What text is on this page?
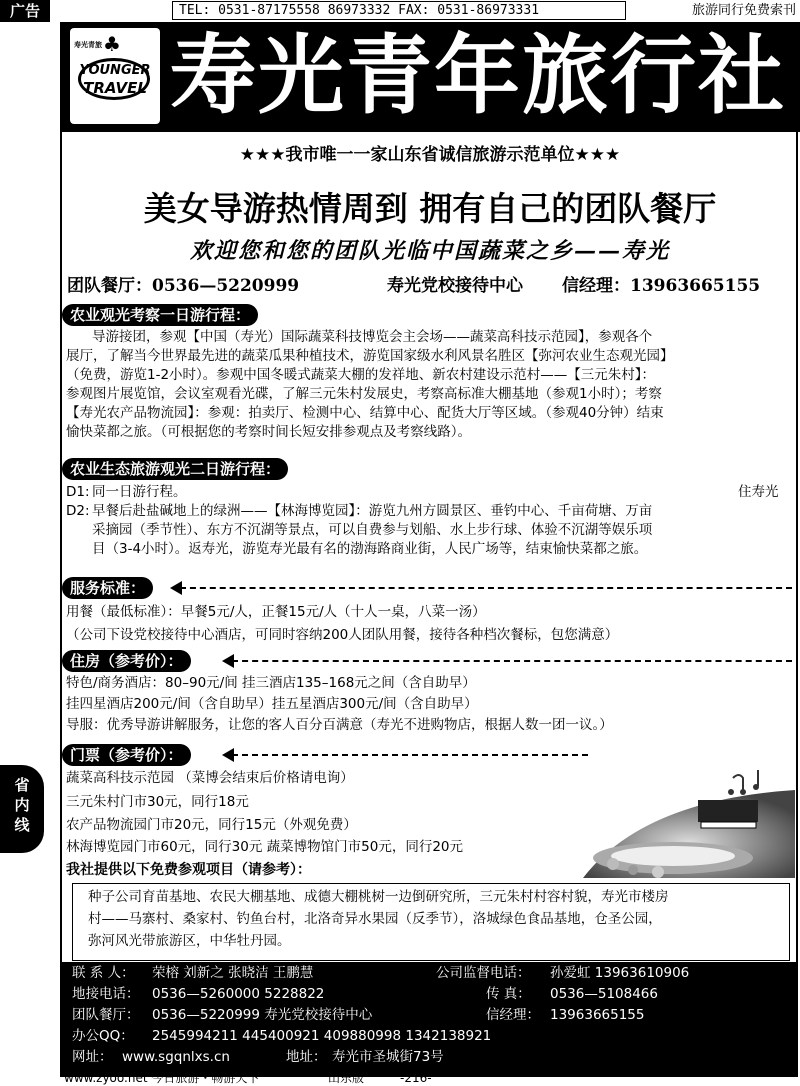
广告	TEL: 0531-87175558 86973332 FAX: 0531-86973331	旅游同行免费索刊
♣
寿光青旅
YOUNGER
TRAVEL 寿光青年旅行社
★★★我市唯一一家山东省诚信旅游示范单位★★★
美女导游热情周到 拥有自己的团队餐厅
欢迎您和您的团队光临中国蔬菜之乡——寿光
团队餐厅：0536—5220999	寿光党校接待中心 信经理：13963665155
农业观光考察一日游行程：
导游接团，参观【中国（寿光）国际蔬菜科技博览会主会场——蔬菜高科技示范园】，参观各个
展厅，了解当今世界最先进的蔬菜瓜果种植技术，游览国家级水利风景名胜区【弥河农业生态观光园】
（免费，游览1-2小时）。参观中国冬暖式蔬菜大棚的发祥地、新农村建设示范村——【三元朱村】：
参观图片展览馆，会议室观看光碟，了解三元朱村发展史，考察高标准大棚基地（参观1小时）；考察
【寿光农产品物流园】：参观：拍卖厅、检测中心、结算中心、配货大厅等区域。（参观40分钟）结束
愉快菜都之旅。（可根据您的考察时间长短安排参观点及考察线路）。
农业生态旅游观光二日游行程：
D1: 同一日游行程。	住寿光
D2: 早餐后赴盐碱地上的绿洲——【林海博览园】：游览九州方圆景区、垂钓中心、千亩荷塘、万亩
采摘园（季节性）、东方不沉湖等景点，可以自费参与划船、水上步行球、体验不沉湖等娱乐项
目（3-4小时）。返寿光，游览寿光最有名的渤海路商业街，人民广场等，结束愉快菜都之旅。
服务标准：
用餐（最低标准）：早餐5元/人，正餐15元/人（十人一桌，八菜一汤）
（公司下设党校接待中心酒店，可同时容纳200人团队用餐，接待各种档次餐标，包您满意）
住房（参考价）：
特色/商务酒店：80–90元/间 挂三酒店135–168元之间（含自助早）
挂四星酒店200元/间（含自助早）挂五星酒店300元/间（含自助早）
导服：优秀导游讲解服务，让您的客人百分百满意（寿光不进购物店，根据人数一团一议。）
门票（参考价）：
蔬菜高科技示范园 （菜博会结束后价格请电询）
三元朱村门市30元，同行18元
农产品物流园门市20元，同行15元（外观免费）
林海博览园门市60元，同行30元 蔬菜博物馆门市50元，同行20元
省
内
线
我社提供以下免费参观项目（请参考）：
种子公司育苗基地、农民大棚基地、成德大棚桃树一边倒研究所，三元朱村村容村貌，寿光市楼房
村——马寨村、桑家村、钓鱼台村，北洛奇异水果园（反季节），洛城绿色食品基地，仓圣公园，
弥河风光带旅游区，中华牡丹园。
联 系 人： 荣榕 刘新之 张晓洁 王鹏慧	公司监督电话： 孙爱虹 13963610906
地接电话： 0536—5260000 5228822	传 真： 0536—5108466
团队餐厅： 0536—5220999 寿光党校接待中心	信经理： 13963665155
办公QQ： 2545994211 445400921 409880998 1342138921
网址： www.sgqnlxs.cn	地址： 寿光市圣城街73号
www.zyoo.net 今日旅游・畅游天下	山东版	-216-
